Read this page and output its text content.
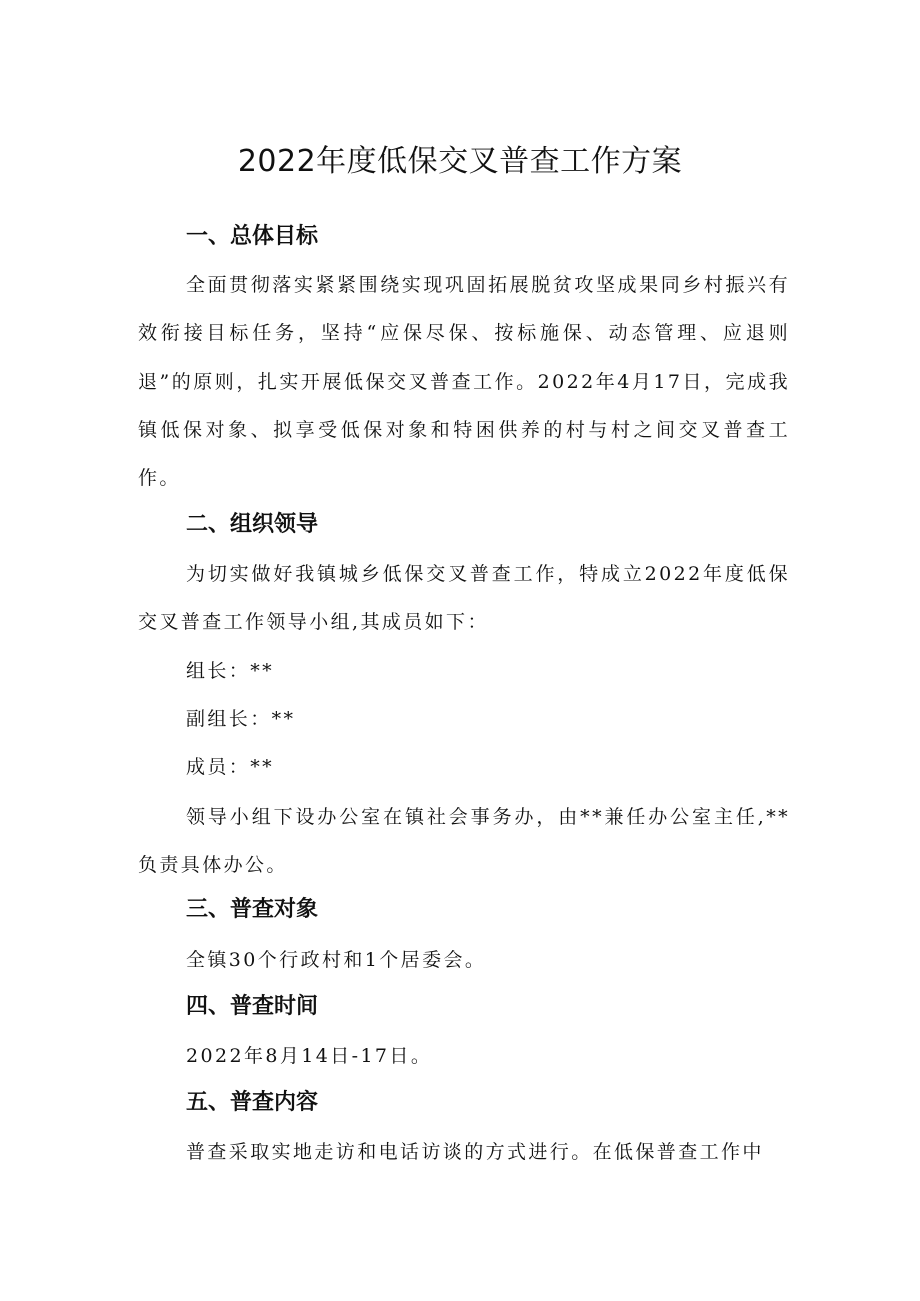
2022年度低保交叉普查工作方案
一、总体目标

全面贯彻落实紧紧围绕实现巩固拓展脱贫攻坚成果同乡村振兴有效衔接目标任务，坚持“应保尽保、按标施保、动态管理、应退则退”的原则，扎实开展低保交叉普查工作。2022年4月17日，完成我镇低保对象、拟享受低保对象和特困供养的村与村之间交叉普查工作。

二、组织领导

为切实做好我镇城乡低保交叉普查工作，特成立2022年度低保交叉普查工作领导小组,其成员如下：

组长：**

副组长：**

成员：**

领导小组下设办公室在镇社会事务办，由**兼任办公室主任,**负责具体办公。

三、普查对象

全镇30个行政村和1个居委会。

四、普查时间

2022年8月14日-17日。

五、普查内容

普查采取实地走访和电话访谈的方式进行。在低保普查工作中
